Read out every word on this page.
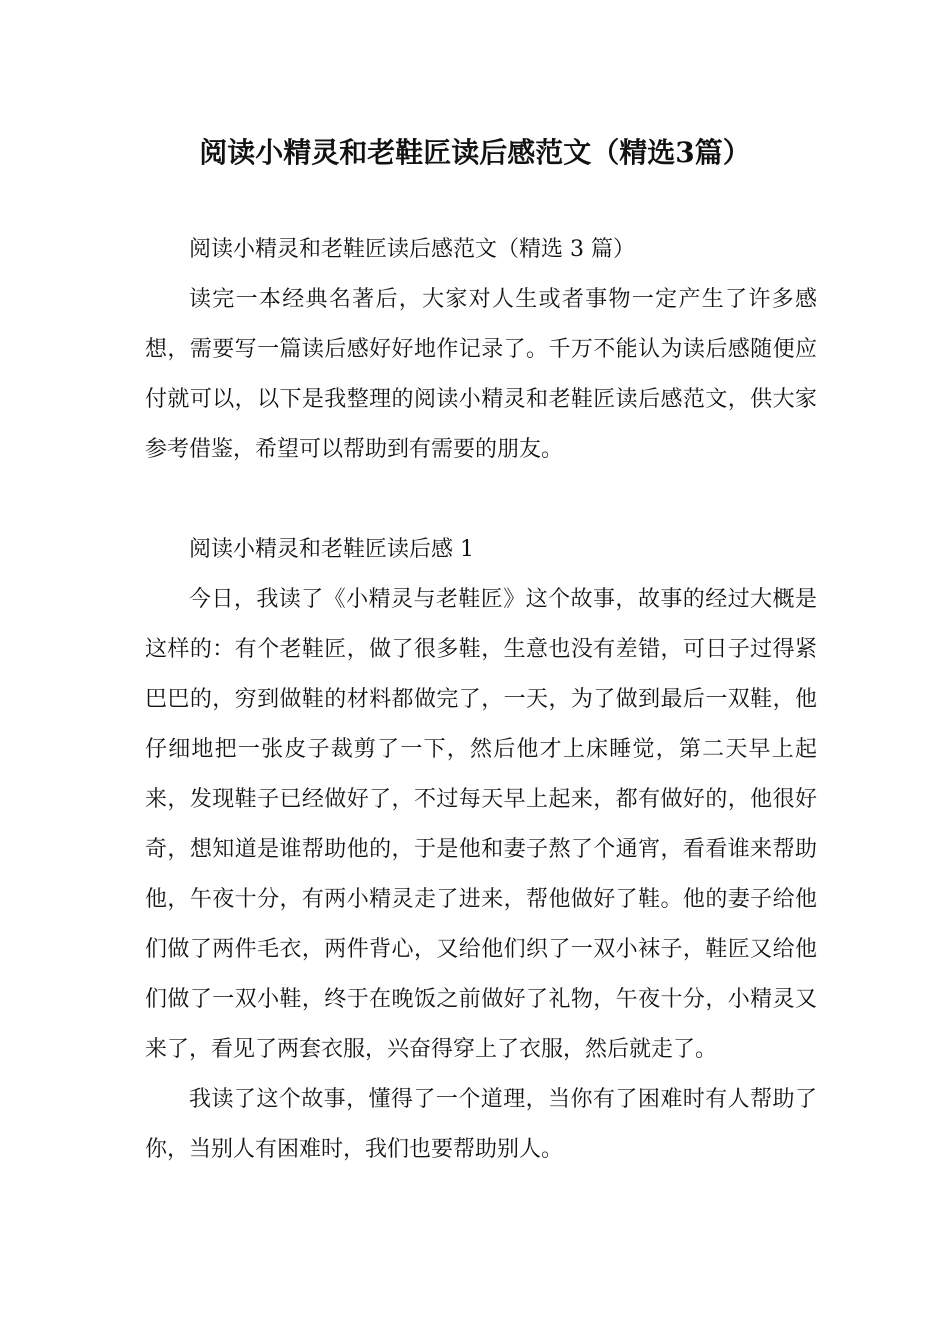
阅读小精灵和老鞋匠读后感范文（精选3篇）

阅读小精灵和老鞋匠读后感范文（精选 3 篇）

读完一本经典名著后，大家对人生或者事物一定产生了许多感想，需要写一篇读后感好好地作记录了。千万不能认为读后感随便应付就可以，以下是我整理的阅读小精灵和老鞋匠读后感范文，供大家参考借鉴，希望可以帮助到有需要的朋友。

阅读小精灵和老鞋匠读后感 1

今日，我读了《小精灵与老鞋匠》这个故事，故事的经过大概是这样的：有个老鞋匠，做了很多鞋，生意也没有差错，可日子过得紧巴巴的，穷到做鞋的材料都做完了，一天，为了做到最后一双鞋，他仔细地把一张皮子裁剪了一下，然后他才上床睡觉，第二天早上起来，发现鞋子已经做好了，不过每天早上起来，都有做好的，他很好奇，想知道是谁帮助他的，于是他和妻子熬了个通宵，看看谁来帮助他，午夜十分，有两小精灵走了进来，帮他做好了鞋。他的妻子给他们做了两件毛衣，两件背心，又给他们织了一双小袜子，鞋匠又给他们做了一双小鞋，终于在晚饭之前做好了礼物，午夜十分，小精灵又来了，看见了两套衣服，兴奋得穿上了衣服，然后就走了。

我读了这个故事，懂得了一个道理，当你有了困难时有人帮助了你，当别人有困难时，我们也要帮助别人。
